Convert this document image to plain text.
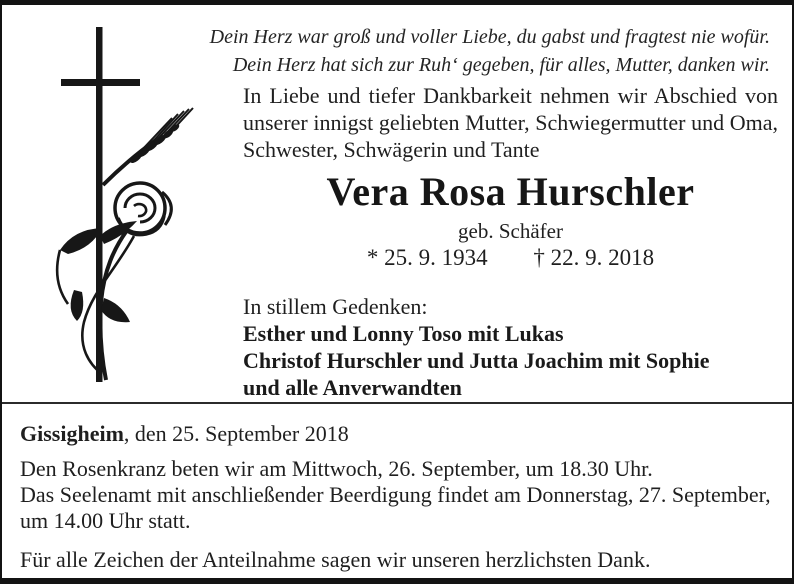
Dein Herz war groß und voller Liebe, du gabst und fragtest nie wofür.
Dein Herz hat sich zur Ruh‘ gegeben, für alles, Mutter, danken wir.
In Liebe und tiefer Dankbarkeit nehmen wir Abschied von
unserer innigst geliebten Mutter, Schwiegermutter und Oma,
Schwester, Schwägerin und Tante
Vera Rosa Hurschler
geb. Schäfer
* 25. 9. 1934 † 22. 9. 2018
In stillem Gedenken:
Esther und Lonny Toso mit Lukas
Christof Hurschler und Jutta Joachim mit Sophie
und alle Anverwandten
Gissigheim, den 25. September 2018

Den Rosenkranz beten wir am Mittwoch, 26. September, um 18.30 Uhr.

Das Seelenamt mit anschließender Beerdigung findet am Donnerstag, 27. September, um 14.00 Uhr statt.

Für alle Zeichen der Anteilnahme sagen wir unseren herzlichsten Dank.
